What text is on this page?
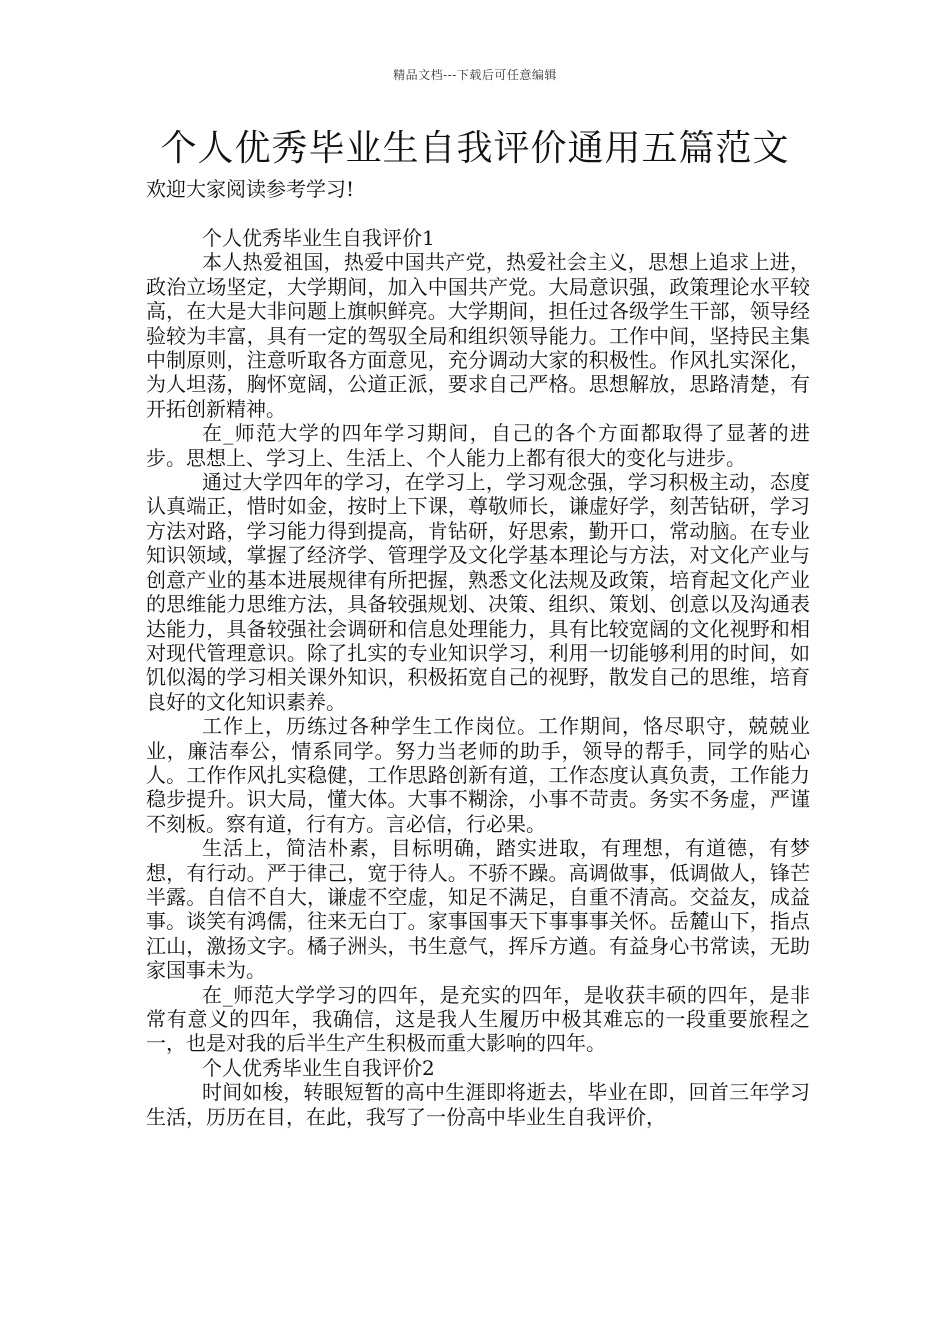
精品文档---下载后可任意编辑
个人优秀毕业生自我评价通用五篇范文

欢迎大家阅读参考学习!

个人优秀毕业生自我评价1

本人热爱祖国，热爱中国共产党，热爱社会主义，思想上追求上进，政治立场坚定，大学期间，加入中国共产党。大局意识强，政策理论水平较高，在大是大非问题上旗帜鲜亮。大学期间，担任过各级学生干部，领导经验较为丰富，具有一定的驾驭全局和组织领导能力。工作中间，坚持民主集中制原则，注意听取各方面意见，充分调动大家的积极性。作风扎实深化，为人坦荡，胸怀宽阔，公道正派，要求自己严格。思想解放，思路清楚，有开拓创新精神。

在_师范大学的四年学习期间，自己的各个方面都取得了显著的进步。思想上、学习上、生活上、个人能力上都有很大的变化与进步。

通过大学四年的学习，在学习上，学习观念强，学习积极主动，态度认真端正，惜时如金，按时上下课，尊敬师长，谦虚好学，刻苦钻研，学习方法对路，学习能力得到提高，肯钻研，好思索，勤开口，常动脑。在专业知识领域，掌握了经济学、管理学及文化学基本理论与方法，对文化产业与创意产业的基本进展规律有所把握，熟悉文化法规及政策，培育起文化产业的思维能力思维方法，具备较强规划、决策、组织、策划、创意以及沟通表达能力，具备较强社会调研和信息处理能力，具有比较宽阔的文化视野和相对现代管理意识。除了扎实的专业知识学习，利用一切能够利用的时间，如饥似渴的学习相关课外知识，积极拓宽自己的视野，散发自己的思维，培育良好的文化知识素养。

工作上，历练过各种学生工作岗位。工作期间，恪尽职守，兢兢业业，廉洁奉公，情系同学。努力当老师的助手，领导的帮手，同学的贴心人。工作作风扎实稳健，工作思路创新有道，工作态度认真负责，工作能力稳步提升。识大局，懂大体。大事不糊涂，小事不苛责。务实不务虚，严谨不刻板。察有道，行有方。言必信，行必果。

生活上，简洁朴素，目标明确，踏实进取，有理想，有道德，有梦想，有行动。严于律己，宽于待人。不骄不躁。高调做事，低调做人，锋芒半露。自信不自大，谦虚不空虚，知足不满足，自重不清高。交益友，成益事。谈笑有鸿儒，往来无白丁。家事国事天下事事事关怀。岳麓山下，指点江山，激扬文字。橘子洲头，书生意气，挥斥方遒。有益身心书常读，无助家国事未为。

在_师范大学学习的四年，是充实的四年，是收获丰硕的四年，是非常有意义的四年，我确信，这是我人生履历中极其难忘的一段重要旅程之一，也是对我的后半生产生积极而重大影响的四年。

个人优秀毕业生自我评价2

时间如梭，转眼短暂的高中生涯即将逝去，毕业在即，回首三年学习生活，历历在目，在此，我写了一份高中毕业生自我评价，
